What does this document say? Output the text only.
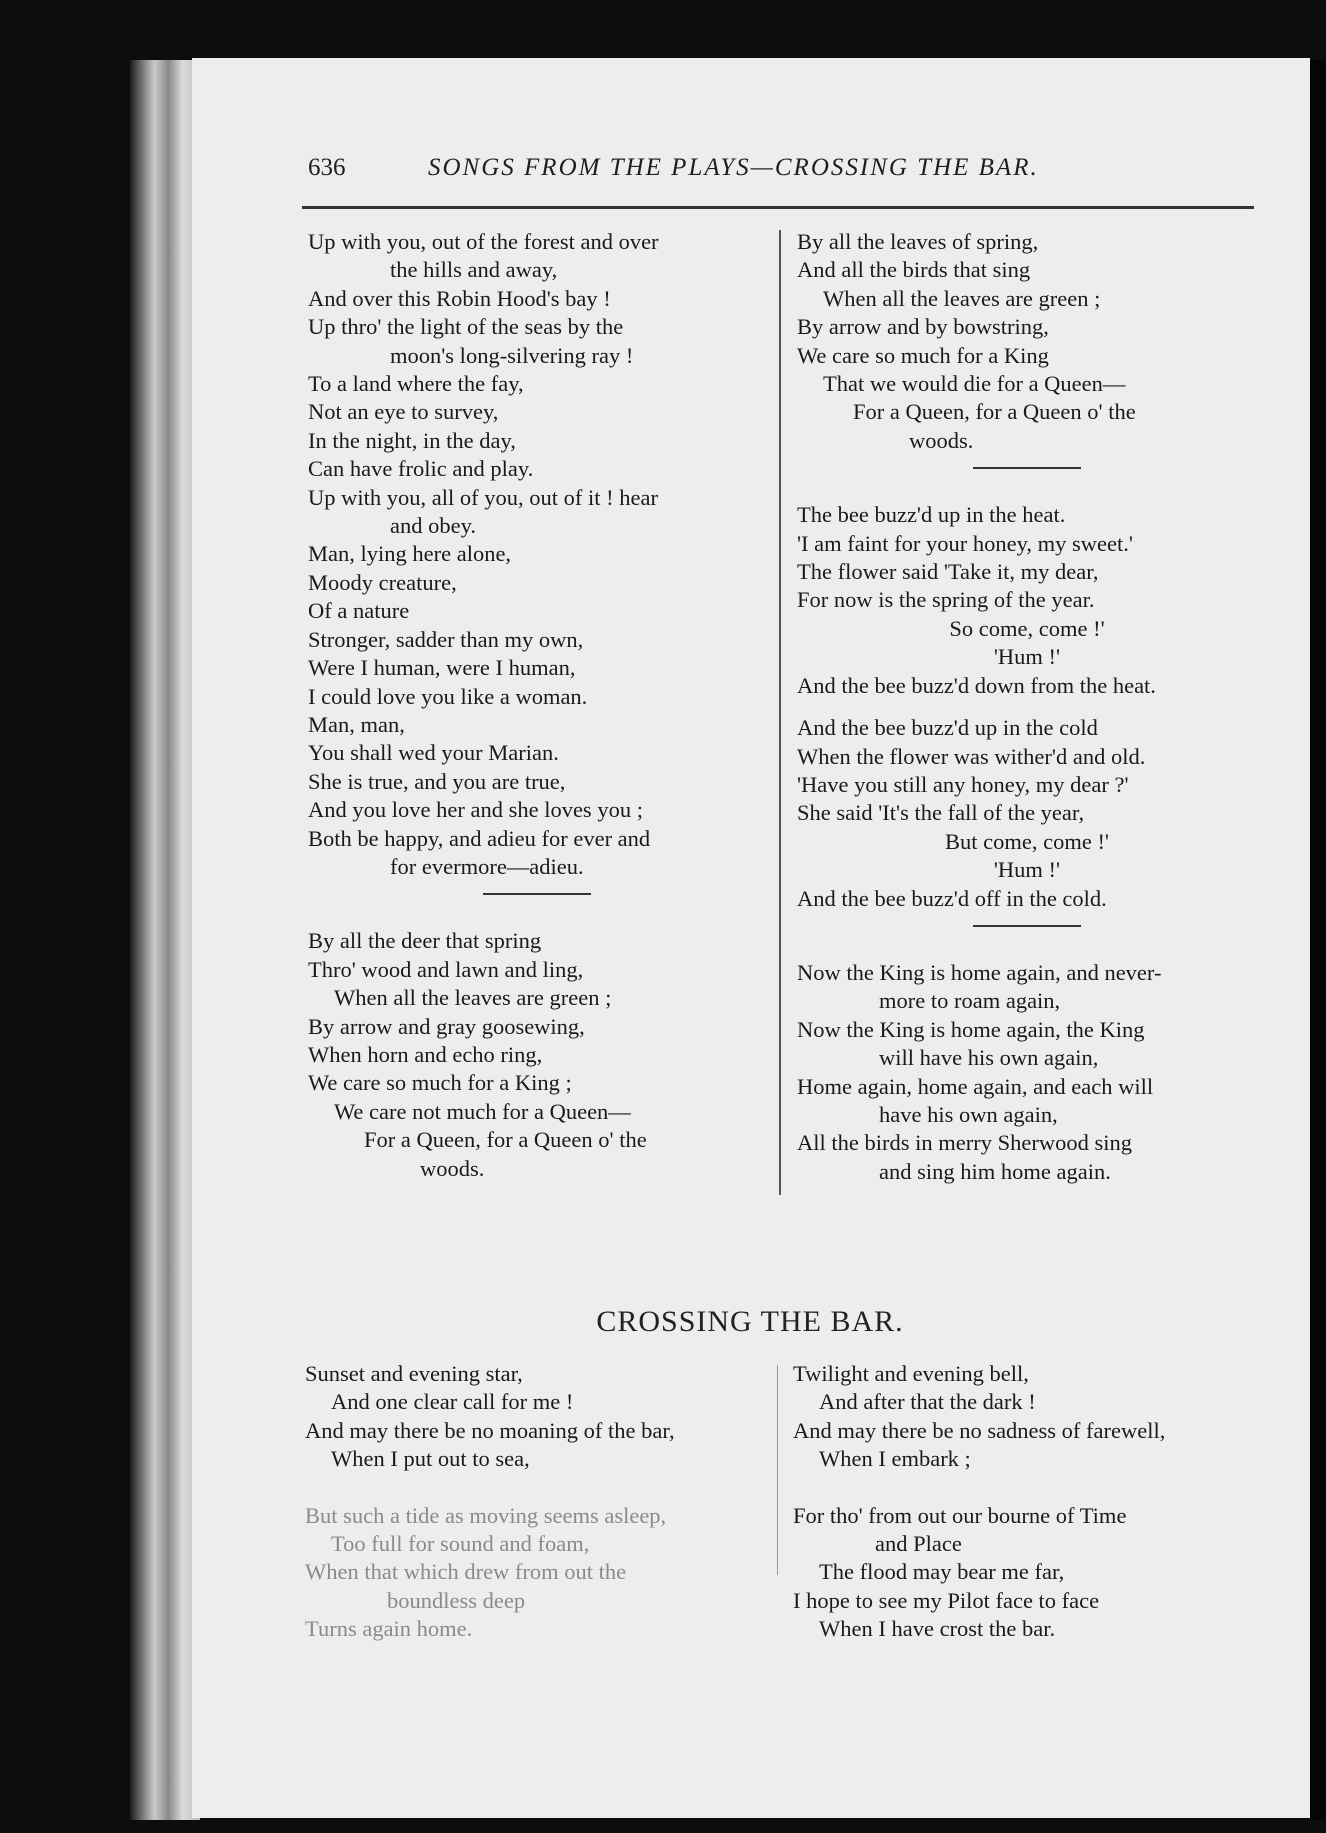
636	SONGS FROM THE PLAYS—CROSSING THE BAR.
Up with you, out of the forest and over
the hills and away,
And over this Robin Hood's bay !
Up thro' the light of the seas by the
moon's long-silvering ray !
To a land where the fay,
Not an eye to survey,
In the night, in the day,
Can have frolic and play.
Up with you, all of you, out of it ! hear
and obey.
Man, lying here alone,
Moody creature,
Of a nature
Stronger, sadder than my own,
Were I human, were I human,
I could love you like a woman.
Man, man,
You shall wed your Marian.
She is true, and you are true,
And you love her and she loves you ;
Both be happy, and adieu for ever and
for evermore—adieu.
By all the deer that spring
Thro' wood and lawn and ling,
When all the leaves are green ;
By arrow and gray goosewing,
When horn and echo ring,
We care so much for a King ;
We care not much for a Queen—
For a Queen, for a Queen o' the
woods.
By all the leaves of spring,
And all the birds that sing
When all the leaves are green ;
By arrow and by bowstring,
We care so much for a King
That we would die for a Queen—
For a Queen, for a Queen o' the
woods.
The bee buzz'd up in the heat.
'I am faint for your honey, my sweet.'
The flower said 'Take it, my dear,
For now is the spring of the year.
So come, come !'
'Hum !'
And the bee buzz'd down from the heat.
And the bee buzz'd up in the cold
When the flower was wither'd and old.
'Have you still any honey, my dear ?'
She said 'It's the fall of the year,
But come, come !'
'Hum !'
And the bee buzz'd off in the cold.
Now the King is home again, and never-
more to roam again,
Now the King is home again, the King
will have his own again,
Home again, home again, and each will
have his own again,
All the birds in merry Sherwood sing
and sing him home again.
CROSSING THE BAR.
Sunset and evening star,
And one clear call for me !
And may there be no moaning of the bar,
When I put out to sea,
But such a tide as moving seems asleep,
Too full for sound and foam,
When that which drew from out the
boundless deep
Turns again home.
Twilight and evening bell,
And after that the dark !
And may there be no sadness of farewell,
When I embark ;
For tho' from out our bourne of Time
and Place
The flood may bear me far,
I hope to see my Pilot face to face
When I have crost the bar.
